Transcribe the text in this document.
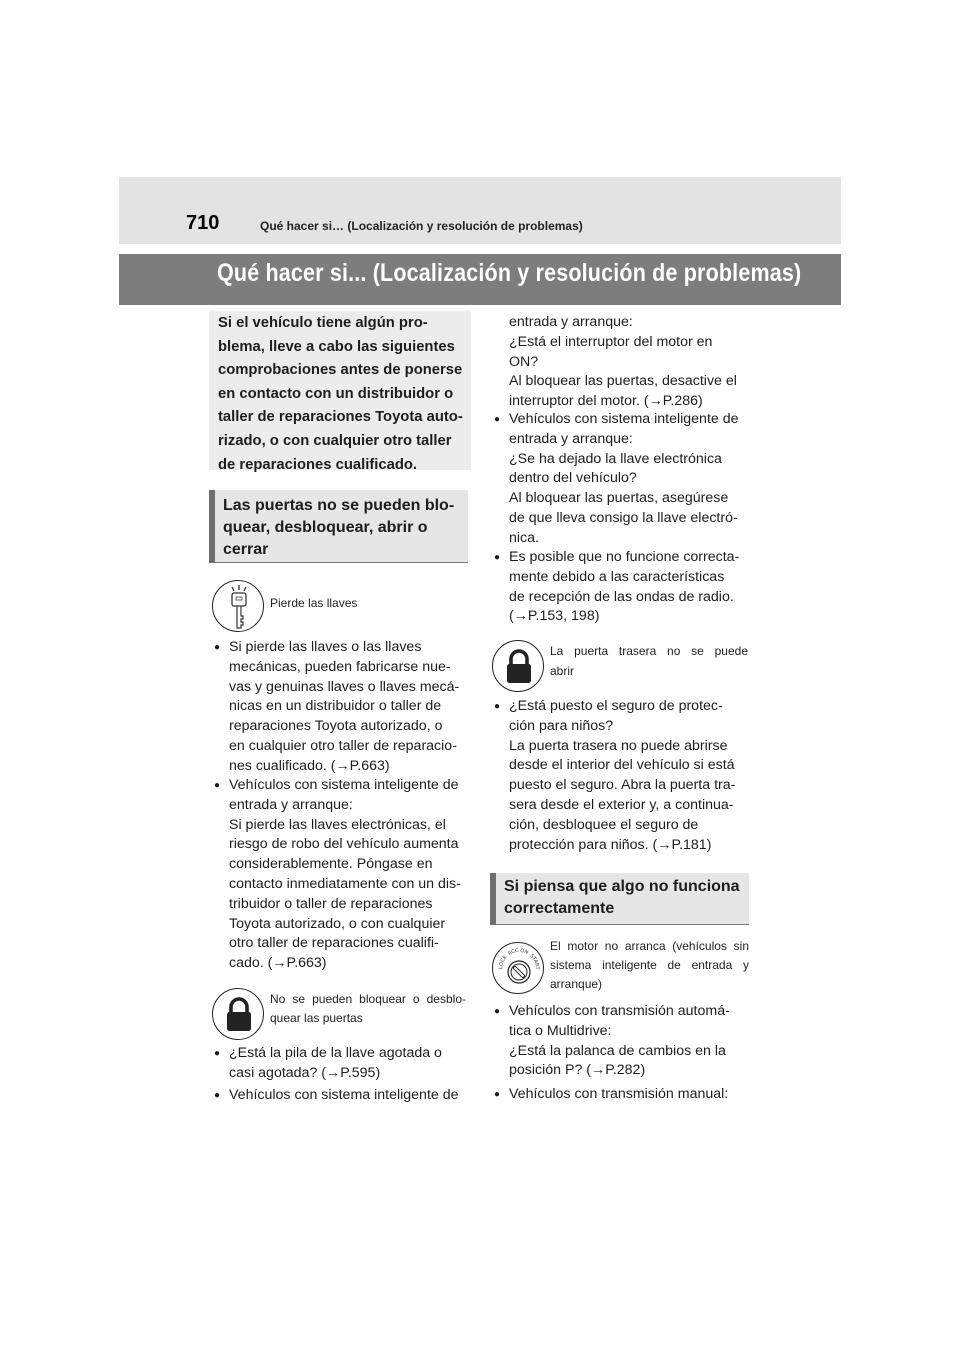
710	Qué hacer si… (Localización y resolución de problemas)
Qué hacer si... (Localización y resolución de problemas)
Si el vehículo tiene algún pro-
blema, lleve a cabo las siguientes
comprobaciones antes de ponerse
en contacto con un distribuidor o
taller de reparaciones Toyota auto-
rizado, o con cualquier otro taller
de reparaciones cualificado.
Las puertas no se pueden blo-
quear, desbloquear, abrir o
cerrar
Pierde las llaves
● Si pierde las llaves o las llaves
mecánicas, pueden fabricarse nue-
vas y genuinas llaves o llaves mecá-
nicas en un distribuidor o taller de
reparaciones Toyota autorizado, o
en cualquier otro taller de reparacio-
nes cualificado. (→P.663)
● Vehículos con sistema inteligente de
entrada y arranque:
Si pierde las llaves electrónicas, el
riesgo de robo del vehículo aumenta
considerablemente. Póngase en
contacto inmediatamente con un dis-
tribuidor o taller de reparaciones
Toyota autorizado, o con cualquier
otro taller de reparaciones cualifi-
cado. (→P.663)
No se pueden bloquear o desblo-
quear las puertas
● ¿Está la pila de la llave agotada o
casi agotada? (→P.595)
● Vehículos con sistema inteligente de
entrada y arranque:
¿Está el interruptor del motor en
ON?
Al bloquear las puertas, desactive el
interruptor del motor. (→P.286)
● Vehículos con sistema inteligente de
entrada y arranque:
¿Se ha dejado la llave electrónica
dentro del vehículo?
Al bloquear las puertas, asegúrese
de que lleva consigo la llave electró-
nica.
● Es posible que no funcione correcta-
mente debido a las características
de recepción de las ondas de radio.
(→P.153, 198)
La puerta trasera no se puede
abrir
● ¿Está puesto el seguro de protec-
ción para niños?
La puerta trasera no puede abrirse
desde el interior del vehículo si está
puesto el seguro. Abra la puerta tra-
sera desde el exterior y, a continua-
ción, desbloquee el seguro de
protección para niños. (→P.181)
Si piensa que algo no funciona
correctamente
LOCK
ACC ON
START
El motor no arranca (vehículos sin
sistema inteligente de entrada y
arranque)
● Vehículos con transmisión automá-
tica o Multidrive:
¿Está la palanca de cambios en la
posición P? (→P.282)
● Vehículos con transmisión manual:
